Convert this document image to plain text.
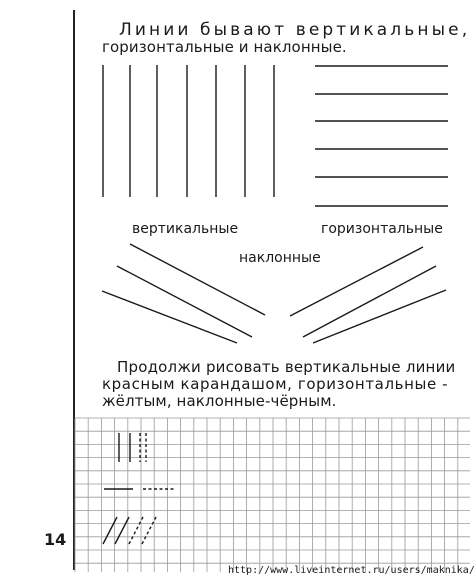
Линии бывают вертикальные,

горизонтальные и наклонные.

вертикальные	горизонтальные

наклонные

Продолжи рисовать вертикальные линии

красным карандашом, горизонтальные -

жёлтым, наклонные-чёрным.

14

http://www.liveinternet.ru/users/maknika/
